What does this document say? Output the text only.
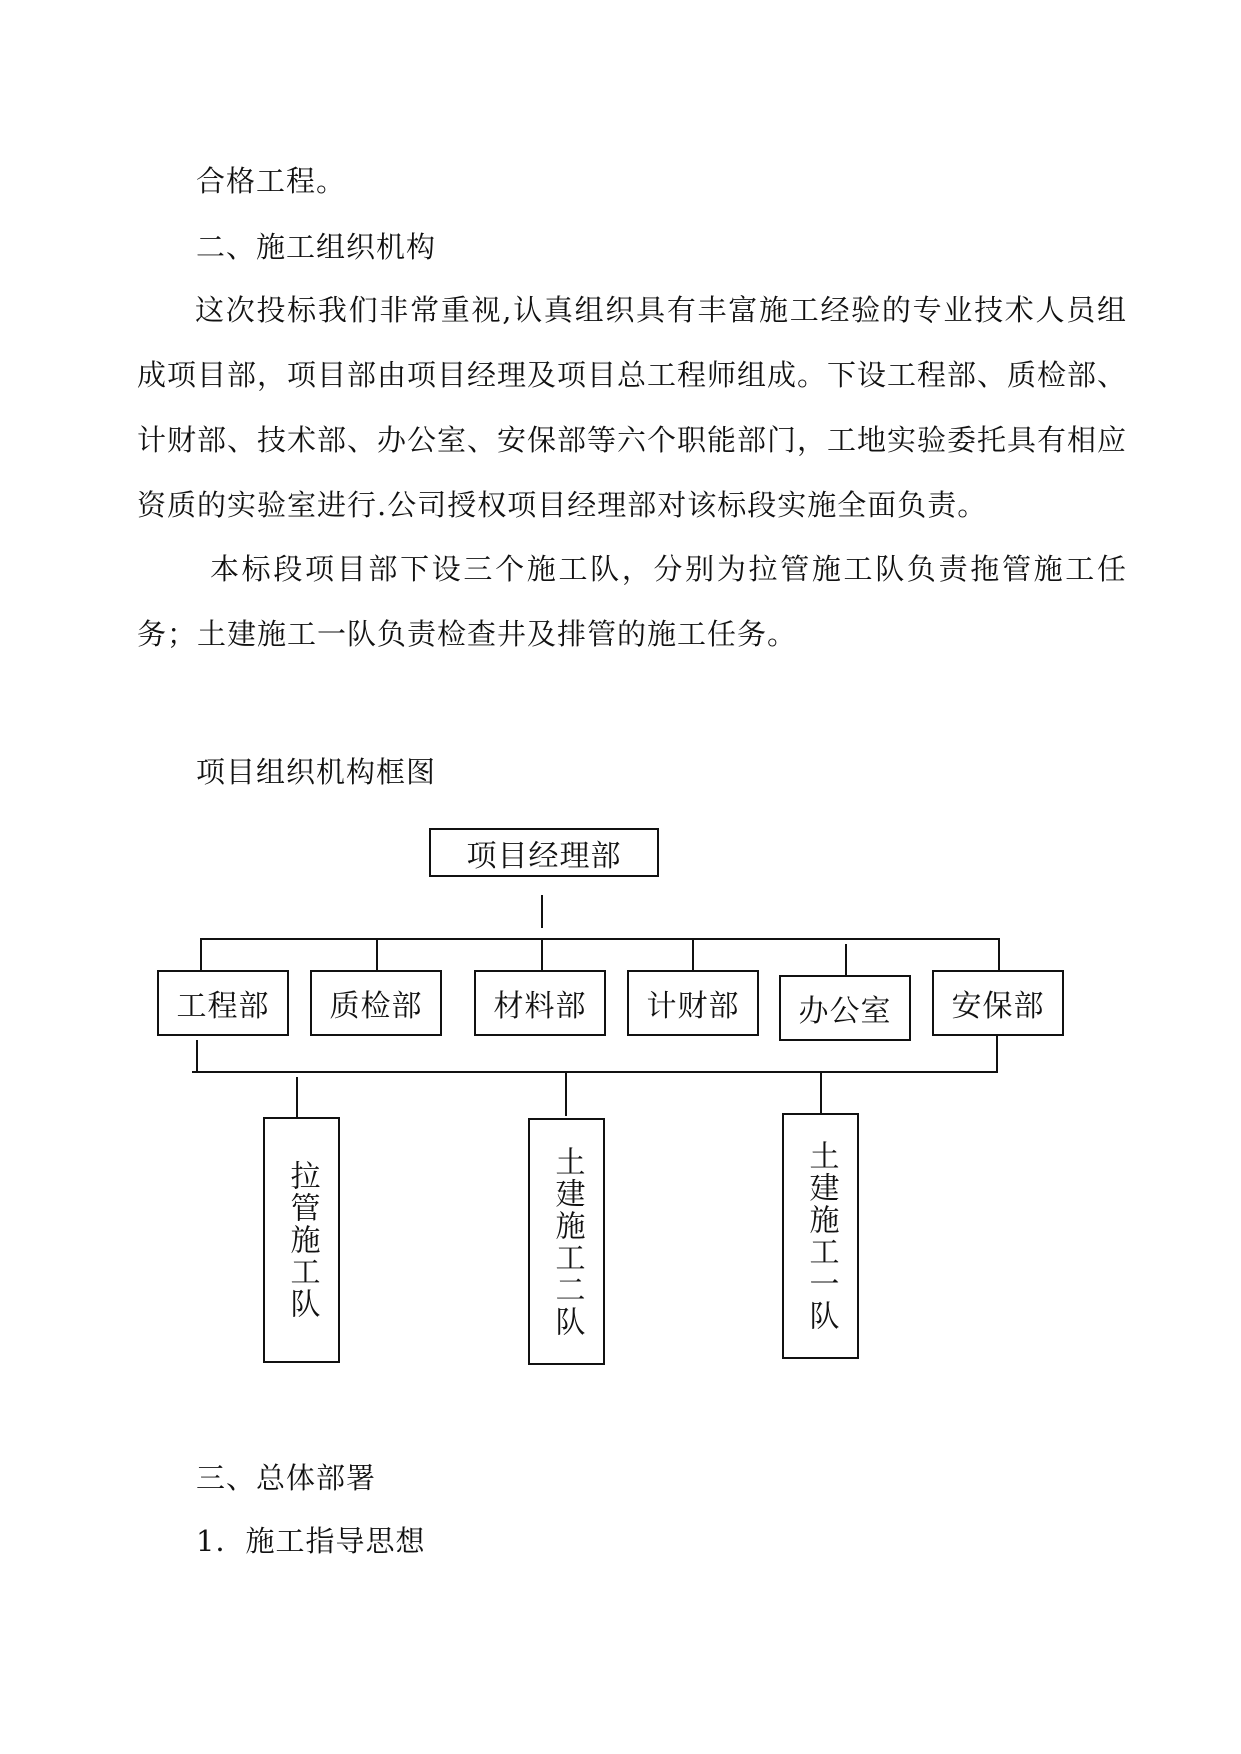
合格工程。
二、施工组织机构
这次投标我们非常重视,认真组织具有丰富施工经验的专业技术人员组成项目部，项目部由项目经理及项目总工程师组成。下设工程部、质检部、计财部、技术部、办公室、安保部等六个职能部门，工地实验委托具有相应资质的实验室进行.公司授权项目经理部对该标段实施全面负责。
本标段项目部下设三个施工队，分别为拉管施工队负责拖管施工任务；土建施工一队负责检查井及排管的施工任务。
项目组织机构框图
项目经理部
工程部	质检部	材料部	计财部	办公室	安保部
拉管施工队	土建施工二队	土建施工一队
三、总体部署
1．施工指导思想
